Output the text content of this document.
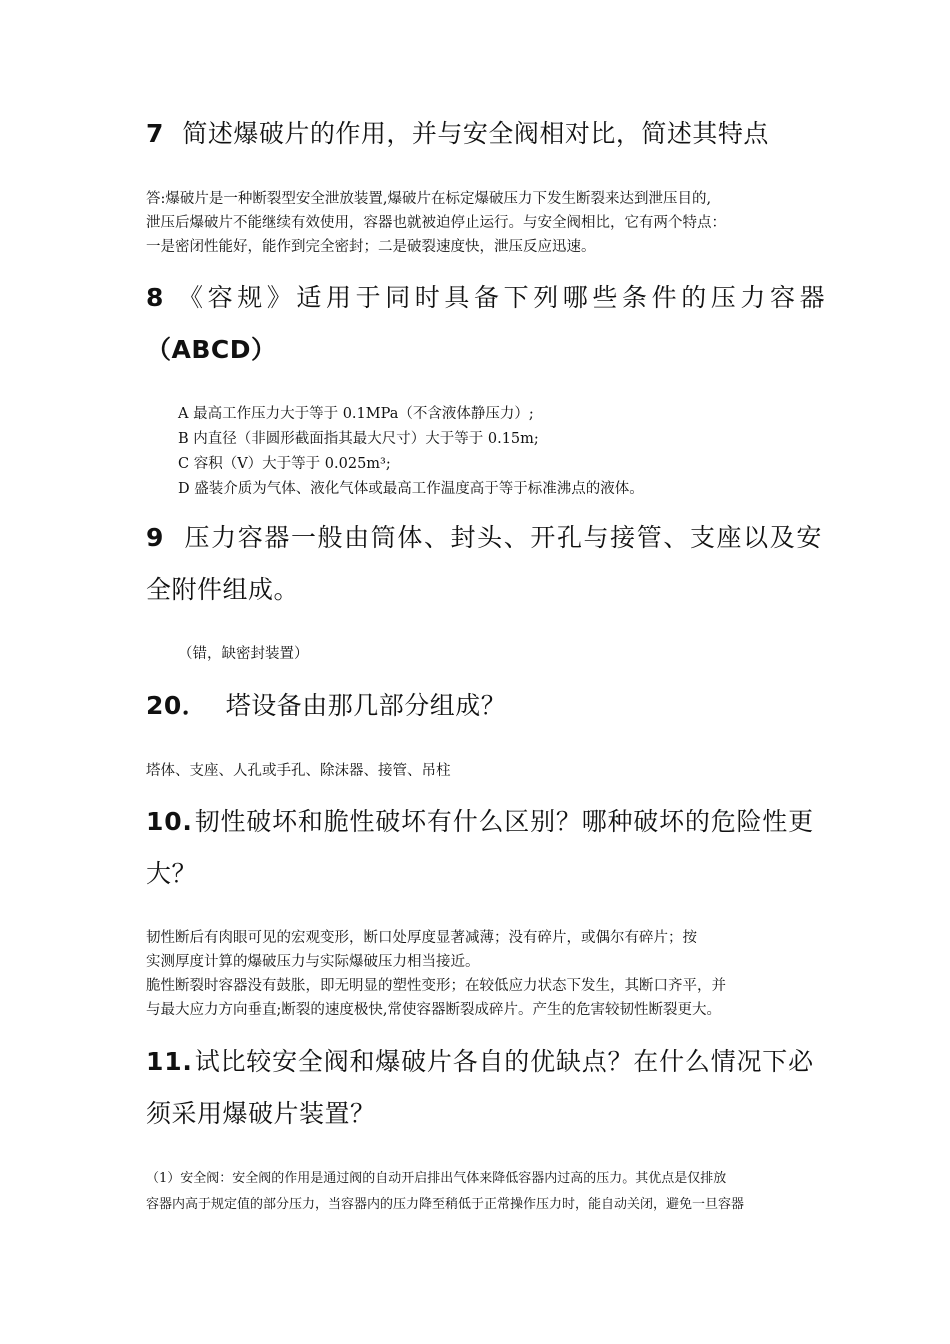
7 简述爆破片的作用，并与安全阀相对比，简述其特点
答:爆破片是一种断裂型安全泄放装置,爆破片在标定爆破压力下发生断裂来达到泄压目的,
泄压后爆破片不能继续有效使用，容器也就被迫停止运行。与安全阀相比，它有两个特点：
一是密闭性能好，能作到完全密封；二是破裂速度快，泄压反应迅速。
8 《容规》适用于同时具备下列哪些条件的压力容器
（ABCD）
A 最高工作压力大于等于 0.1MPa（不含液体静压力）;
B 内直径（非圆形截面指其最大尺寸）大于等于 0.15m;
C 容积（V）大于等于 0.025m³;
D 盛装介质为气体、液化气体或最高工作温度高于等于标准沸点的液体。
9 压力容器一般由筒体、封头、开孔与接管、支座以及安
全附件组成。
（错，缺密封装置）
20． 塔设备由那几部分组成？
塔体、支座、人孔或手孔、除沫器、接管、吊柱
10.韧性破坏和脆性破坏有什么区别？哪种破坏的危险性更
大？
韧性断后有肉眼可见的宏观变形，断口处厚度显著减薄；没有碎片，或偶尔有碎片；按
实测厚度计算的爆破压力与实际爆破压力相当接近。
脆性断裂时容器没有鼓胀，即无明显的塑性变形；在较低应力状态下发生，其断口齐平，并
与最大应力方向垂直;断裂的速度极快,常使容器断裂成碎片。产生的危害较韧性断裂更大。
11.试比较安全阀和爆破片各自的优缺点？在什么情况下必
须采用爆破片装置？
（1）安全阀：安全阀的作用是通过阀的自动开启排出气体来降低容器内过高的压力。其优点是仅排放
容器内高于规定值的部分压力，当容器内的压力降至稍低于正常操作压力时，能自动关闭，避免一旦容器
